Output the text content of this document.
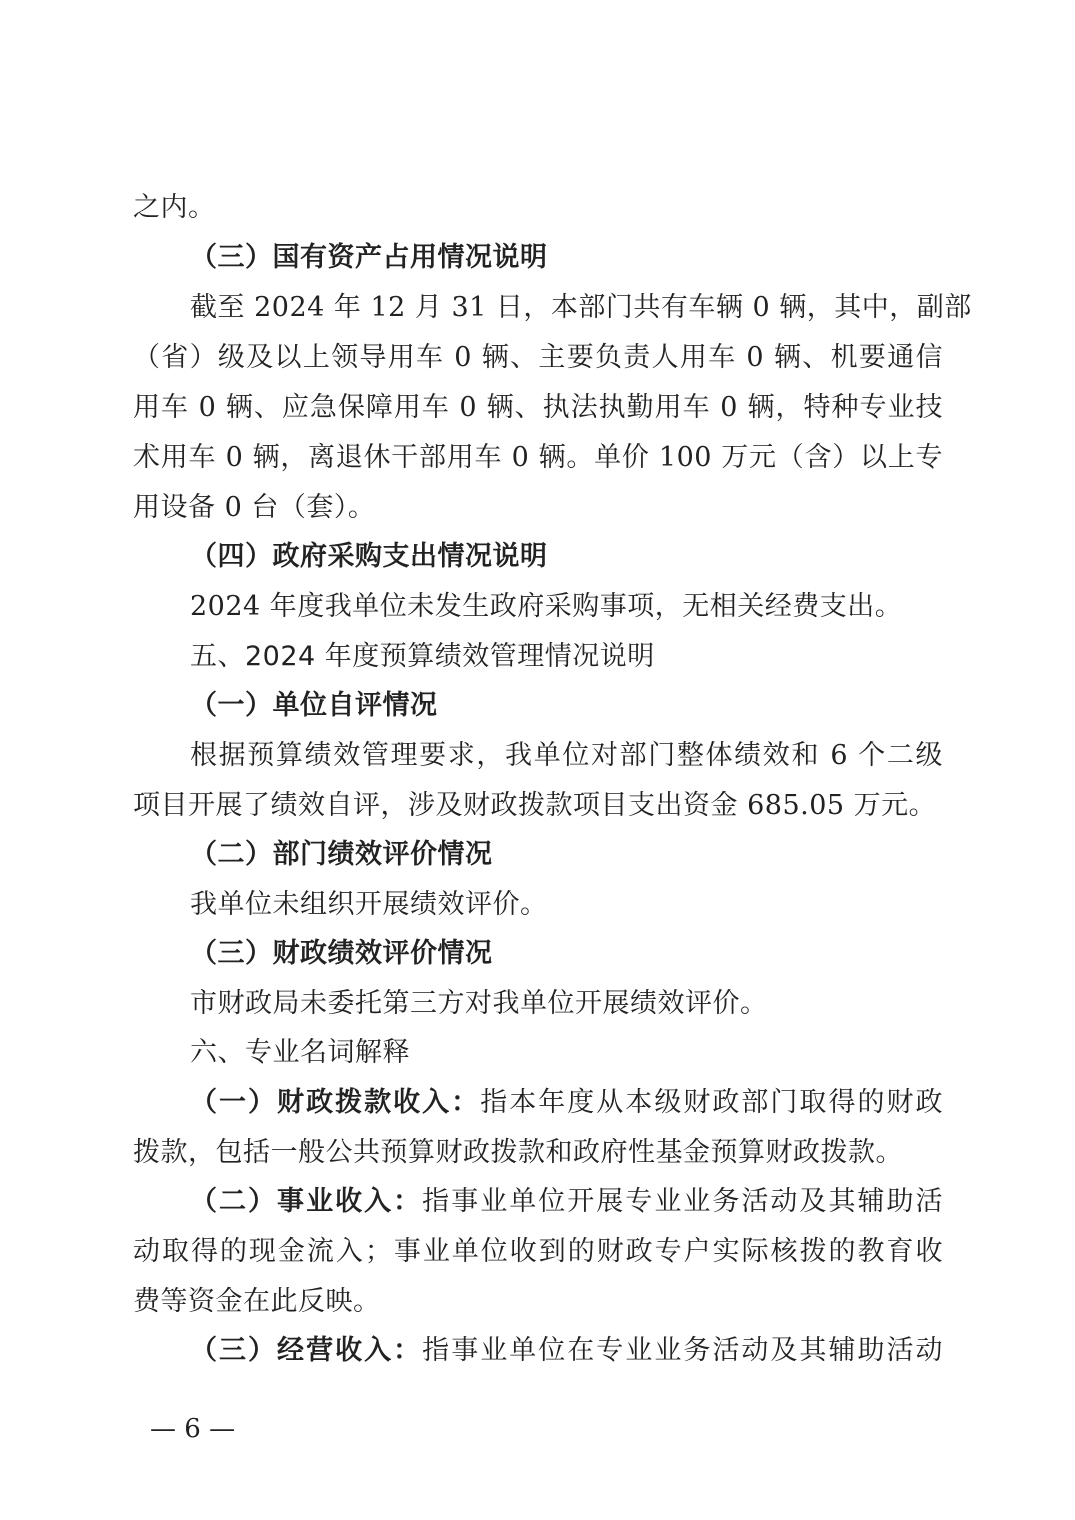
之内。
（三）国有资产占用情况说明
截至 2024 年 12 月 31 日，本部门共有车辆 0 辆，其中，副部
（省）级及以上领导用车 0 辆、主要负责人用车 0 辆、机要通信
用车 0 辆、应急保障用车 0 辆、执法执勤用车 0 辆，特种专业技
术用车 0 辆，离退休干部用车 0 辆。单价 100 万元（含）以上专
用设备 0 台（套）。
（四）政府采购支出情况说明
2024 年度我单位未发生政府采购事项，无相关经费支出。
五、2024 年度预算绩效管理情况说明
（一）单位自评情况
根据预算绩效管理要求，我单位对部门整体绩效和 6 个二级
项目开展了绩效自评，涉及财政拨款项目支出资金 685.05 万元。
（二）部门绩效评价情况
我单位未组织开展绩效评价。
（三）财政绩效评价情况
市财政局未委托第三方对我单位开展绩效评价。
六、专业名词解释
（一）财政拨款收入：指本年度从本级财政部门取得的财政
拨款，包括一般公共预算财政拨款和政府性基金预算财政拨款。
（二）事业收入：指事业单位开展专业业务活动及其辅助活
动取得的现金流入；事业单位收到的财政专户实际核拨的教育收
费等资金在此反映。
（三）经营收入：指事业单位在专业业务活动及其辅助活动
— 6 —
